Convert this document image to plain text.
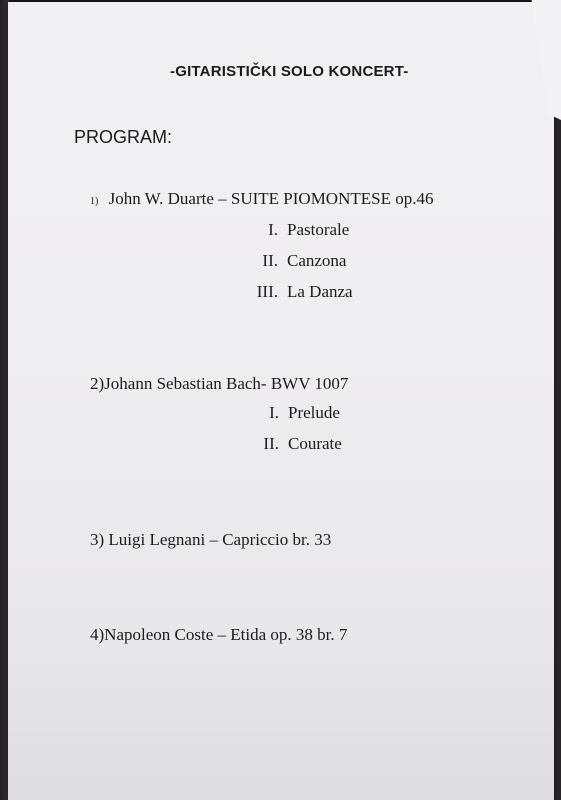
-GITARISTIČKI SOLO KONCERT-
PROGRAM:
1) John W. Duarte – SUITE PIOMONTESE op.46
I. Pastorale
II. Canzona
III. La Danza
2)Johann Sebastian Bach- BWV 1007
I. Prelude
II. Courate
3) Luigi Legnani – Capriccio br. 33
4)Napoleon Coste – Etida op. 38 br. 7
